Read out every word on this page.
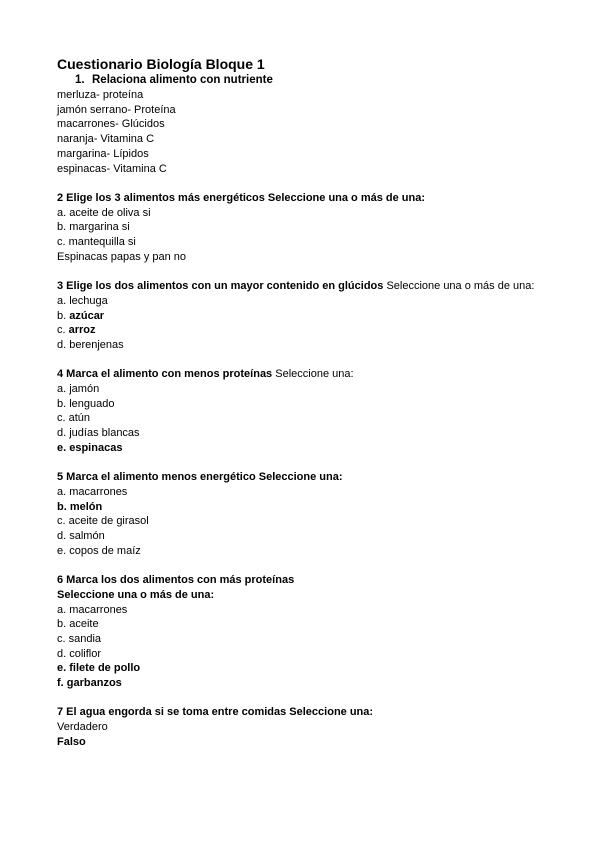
Cuestionario Biología Bloque 1
1. Relaciona alimento con nutriente
merluza- proteína
jamón serrano- Proteína
macarrones- Glúcidos
naranja- Vitamina C
margarina- Lípidos
espinacas- Vitamina C
2 Elige los 3 alimentos más energéticos Seleccione una o más de una:
a. aceite de oliva si
b. margarina si
c. mantequilla si
Espinacas papas y pan no
3 Elige los dos alimentos con un mayor contenido en glúcidos Seleccione una o más de una:
a. lechuga
b. azúcar
c. arroz
d. berenjenas
4 Marca el alimento con menos proteínas Seleccione una:
a. jamón
b. lenguado
c. atún
d. judías blancas
e. espinacas
5 Marca el alimento menos energético Seleccione una:
a. macarrones
b. melón
c. aceite de girasol
d. salmón
e. copos de maíz
6 Marca los dos alimentos con más proteínas
Seleccione una o más de una:
a. macarrones
b. aceite
c. sandia
d. coliflor
e. filete de pollo
f. garbanzos
7 El agua engorda si se toma entre comidas Seleccione una:
Verdadero
Falso
